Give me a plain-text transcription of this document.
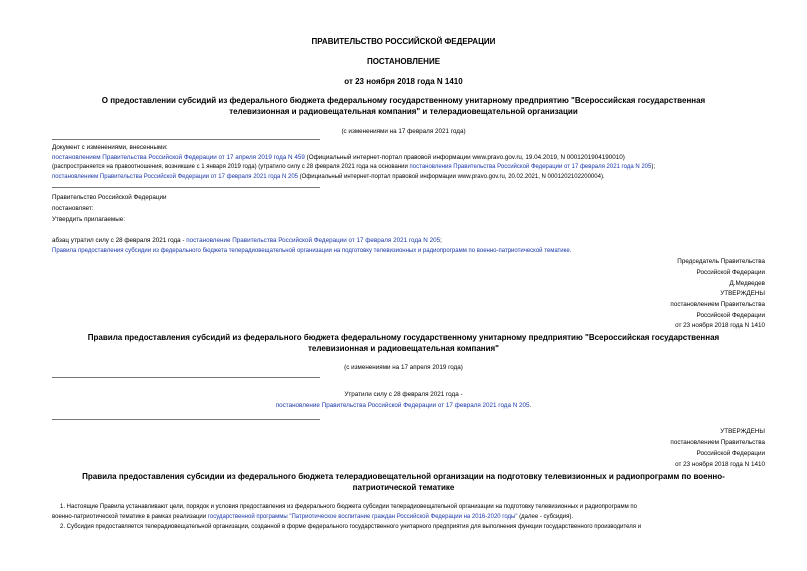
ПРАВИТЕЛЬСТВО РОССИЙСКОЙ ФЕДЕРАЦИИ
ПОСТАНОВЛЕНИЕ
от 23 ноября 2018 года N 1410
О предоставлении субсидий из федерального бюджета федеральному государственному унитарному предприятию "Всероссийская государственная
телевизионная и радиовещательная компания" и телерадиовещательной организации
(с изменениями на 17 февраля 2021 года)
Документ с изменениями, внесенными:
постановлением Правительства Российской Федерации от 17 апреля 2019 года N 459 (Официальный интернет-портал правовой информации www.pravo.gov.ru, 19.04.2019, N 0001201904190010)
(распространяется на правоотношения, возникшие с 1 января 2019 года) (утратило силу с 28 февраля 2021 года на основании постановления Правительства Российской Федерации от 17 февраля 2021 года N 205);
постановлением Правительства Российской Федерации от 17 февраля 2021 года N 205 (Официальный интернет-портал правовой информации www.pravo.gov.ru, 20.02.2021, N 0001202102200004).
Правительство Российской Федерации
постановляет:
Утвердить прилагаемые:
абзац утратил силу с 28 февраля 2021 года - постановление Правительства Российской Федерации от 17 февраля 2021 года N 205;
Правила предоставления субсидии из федерального бюджета телерадиовещательной организации на подготовку телевизионных и радиопрограмм по военно-патриотической тематике.
Председатель Правительства
Российской Федерации
Д.Медведев
УТВЕРЖДЕНЫ
постановлением Правительства
Российской Федерации
от 23 ноября 2018 года N 1410
Правила предоставления субсидий из федерального бюджета федеральному государственному унитарному предприятию "Всероссийская государственная
телевизионная и радиовещательная компания"
(с изменениями на 17 апреля 2019 года)
Утратили силу с 28 февраля 2021 года -
постановление Правительства Российской Федерации от 17 февраля 2021 года N 205.
УТВЕРЖДЕНЫ
постановлением Правительства
Российской Федерации
от 23 ноября 2018 года N 1410
Правила предоставления субсидии из федерального бюджета телерадиовещательной организации на подготовку телевизионных и радиопрограмм по военно-
патриотической тематике
1. Настоящие Правила устанавливают цели, порядок и условия предоставления из федерального бюджета субсидии телерадиовещательной организации на подготовку телевизионных и радиопрограмм по
военно-патриотической тематике в рамках реализации государственной программы "Патриотическое воспитание граждан Российской Федерации на 2016-2020 годы" (далее - субсидия).
2. Субсидия предоставляется телерадиовещательной организации, созданной в форме федерального государственного унитарного предприятия для выполнения функции государственного производителя и
